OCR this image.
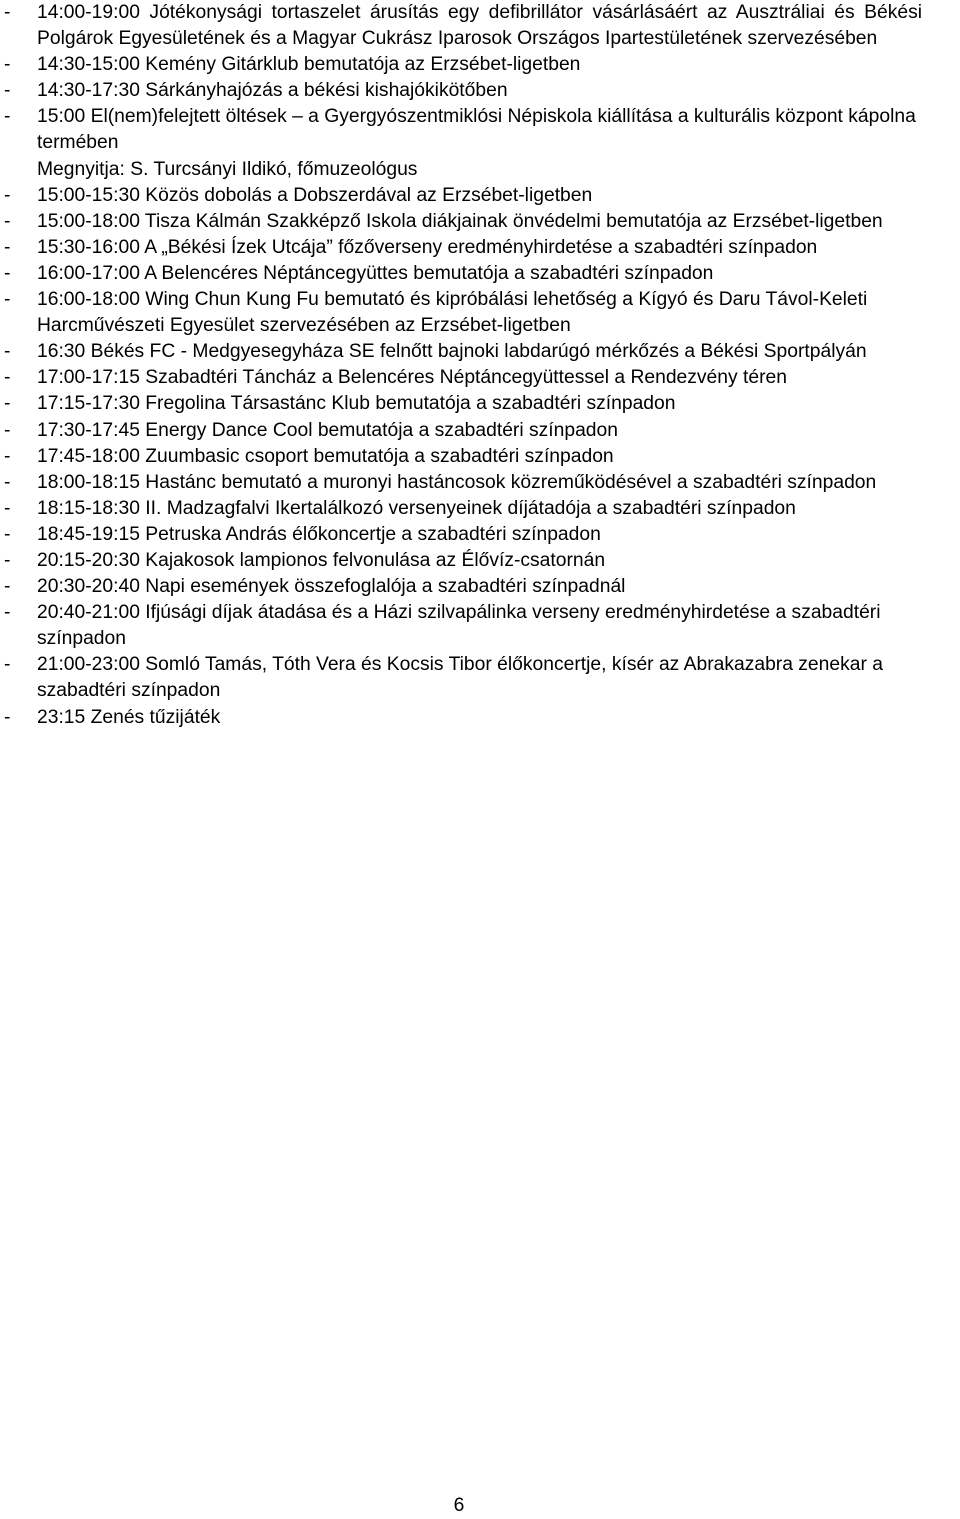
-	14:00-19:00 Jótékonysági tortaszelet árusítás egy defibrillátor vásárlásáért az Ausztráliai és Békési Polgárok Egyesületének és a Magyar Cukrász Iparosok Országos Ipartestületének szervezésében
-	14:30-15:00 Kemény Gitárklub bemutatója az Erzsébet-ligetben
-	14:30-17:30 Sárkányhajózás a békési kishajókikötőben
-	15:00 El(nem)felejtett öltések – a Gyergyószentmiklósi Népiskola kiállítása a kulturális központ kápolna termében
Megnyitja: S. Turcsányi Ildikó, főmuzeológus
-	15:00-15:30 Közös dobolás a Dobszerdával az Erzsébet-ligetben
-	15:00-18:00 Tisza Kálmán Szakképző Iskola diákjainak önvédelmi bemutatója az Erzsébet-ligetben
-	15:30-16:00 A „Békési Ízek Utcája” főzőverseny eredményhirdetése a szabadtéri színpadon
-	16:00-17:00 A Belencéres Néptáncegyüttes bemutatója a szabadtéri színpadon
-	16:00-18:00 Wing Chun Kung Fu bemutató és kipróbálási lehetőség a Kígyó és Daru Távol-Keleti Harcművészeti Egyesület szervezésében az Erzsébet-ligetben
-	16:30 Békés FC - Medgyesegyháza SE felnőtt bajnoki labdarúgó mérkőzés a Békési Sportpályán
-	17:00-17:15 Szabadtéri Táncház a Belencéres Néptáncegyüttessel a Rendezvény téren
-	17:15-17:30 Fregolina Társastánc Klub bemutatója a szabadtéri színpadon
-	17:30-17:45 Energy Dance Cool bemutatója a szabadtéri színpadon
-	17:45-18:00 Zuumbasic csoport bemutatója a szabadtéri színpadon
-	18:00-18:15 Hastánc bemutató a muronyi hastáncosok közreműködésével a szabadtéri színpadon
-	18:15-18:30 II. Madzagfalvi Ikertalálkozó versenyeinek díjátadója a szabadtéri színpadon
-	18:45-19:15 Petruska András élőkoncertje a szabadtéri színpadon
-	20:15-20:30 Kajakosok lampionos felvonulása az Élővíz-csatornán
-	20:30-20:40 Napi események összefoglalója a szabadtéri színpadnál
-	20:40-21:00 Ifjúsági díjak átadása és a Házi szilvapálinka verseny eredményhirdetése a szabadtéri színpadon
-	21:00-23:00 Somló Tamás, Tóth Vera és Kocsis Tibor élőkoncertje, kísér az Abrakazabra zenekar a szabadtéri színpadon
-	23:15 Zenés tűzijáték
6
